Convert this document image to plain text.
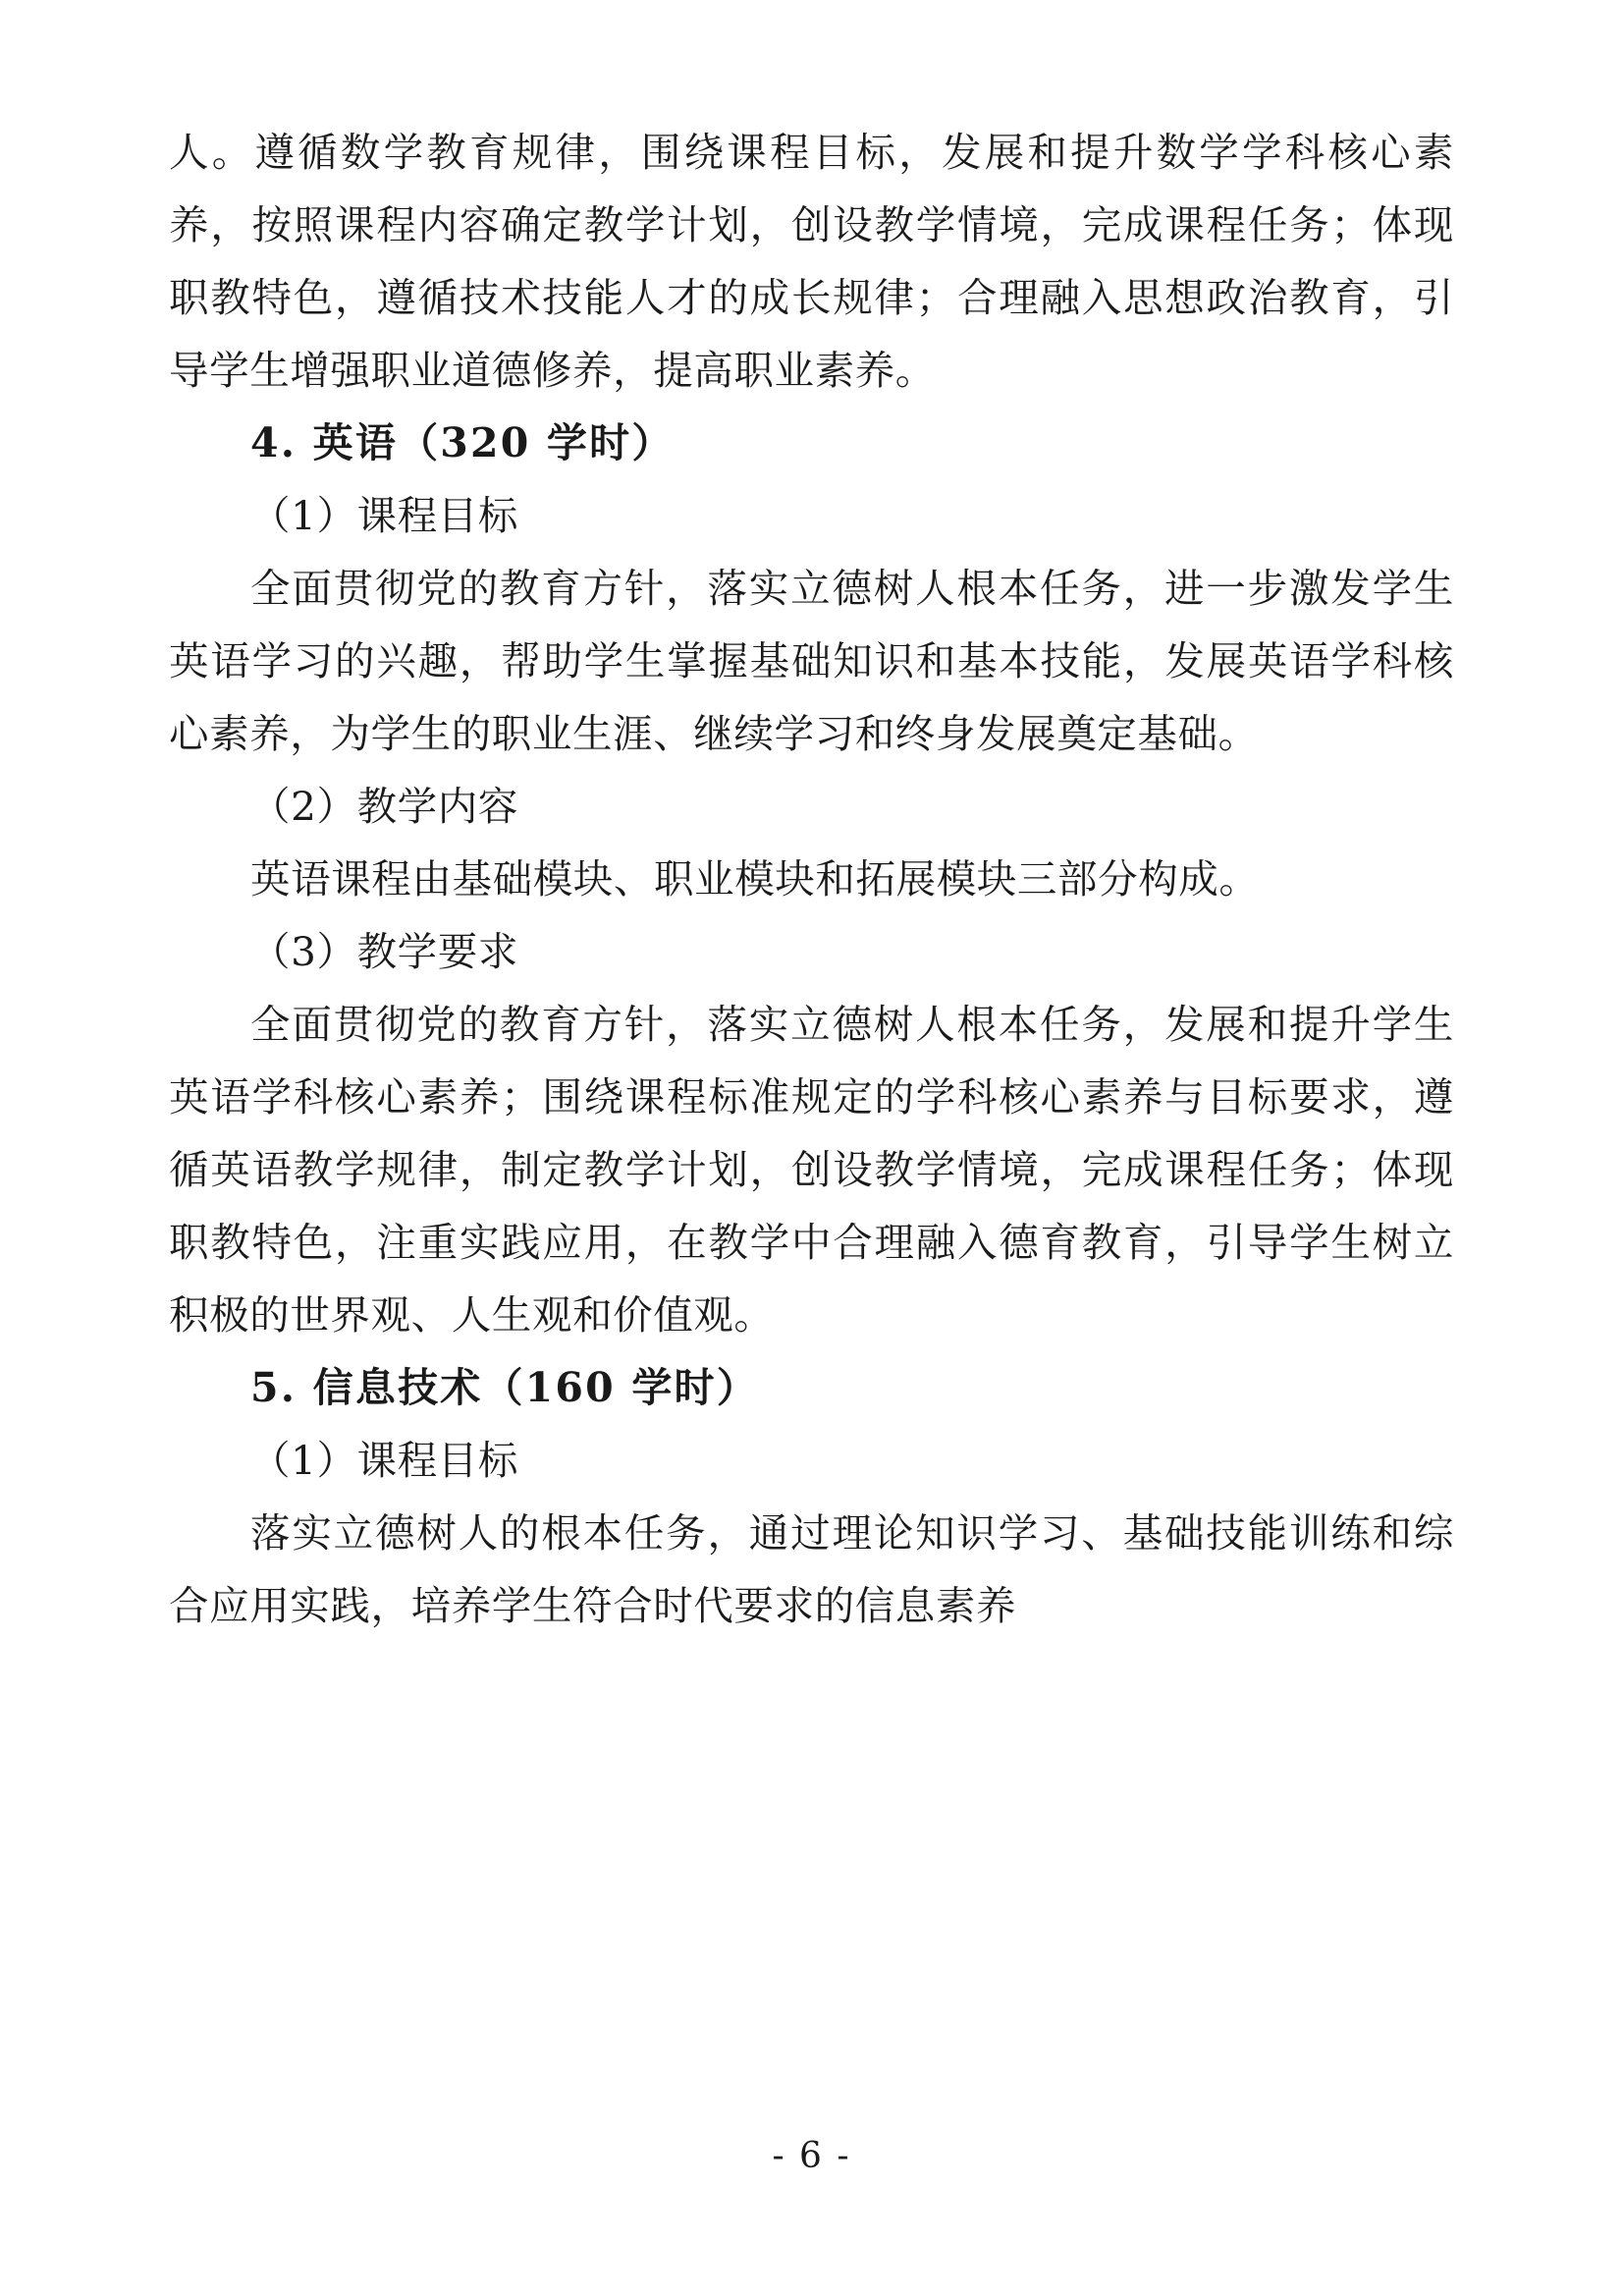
人。遵循数学教育规律，围绕课程目标，发展和提升数学学科核心素养，按照课程内容确定教学计划，创设教学情境，完成课程任务；体现职教特色，遵循技术技能人才的成长规律；合理融入思想政治教育，引导学生增强职业道德修养，提高职业素养。

4. 英语（320 学时）

（1）课程目标

全面贯彻党的教育方针，落实立德树人根本任务，进一步激发学生英语学习的兴趣，帮助学生掌握基础知识和基本技能，发展英语学科核心素养，为学生的职业生涯、继续学习和终身发展奠定基础。

（2）教学内容

英语课程由基础模块、职业模块和拓展模块三部分构成。

（3）教学要求

全面贯彻党的教育方针，落实立德树人根本任务，发展和提升学生英语学科核心素养；围绕课程标准规定的学科核心素养与目标要求，遵循英语教学规律，制定教学计划，创设教学情境，完成课程任务；体现职教特色，注重实践应用，在教学中合理融入德育教育，引导学生树立积极的世界观、人生观和价值观。

5. 信息技术（160 学时）

（1）课程目标

落实立德树人的根本任务，通过理论知识学习、基础技能训练和综合应用实践，培养学生符合时代要求的信息素养

- 6 -
